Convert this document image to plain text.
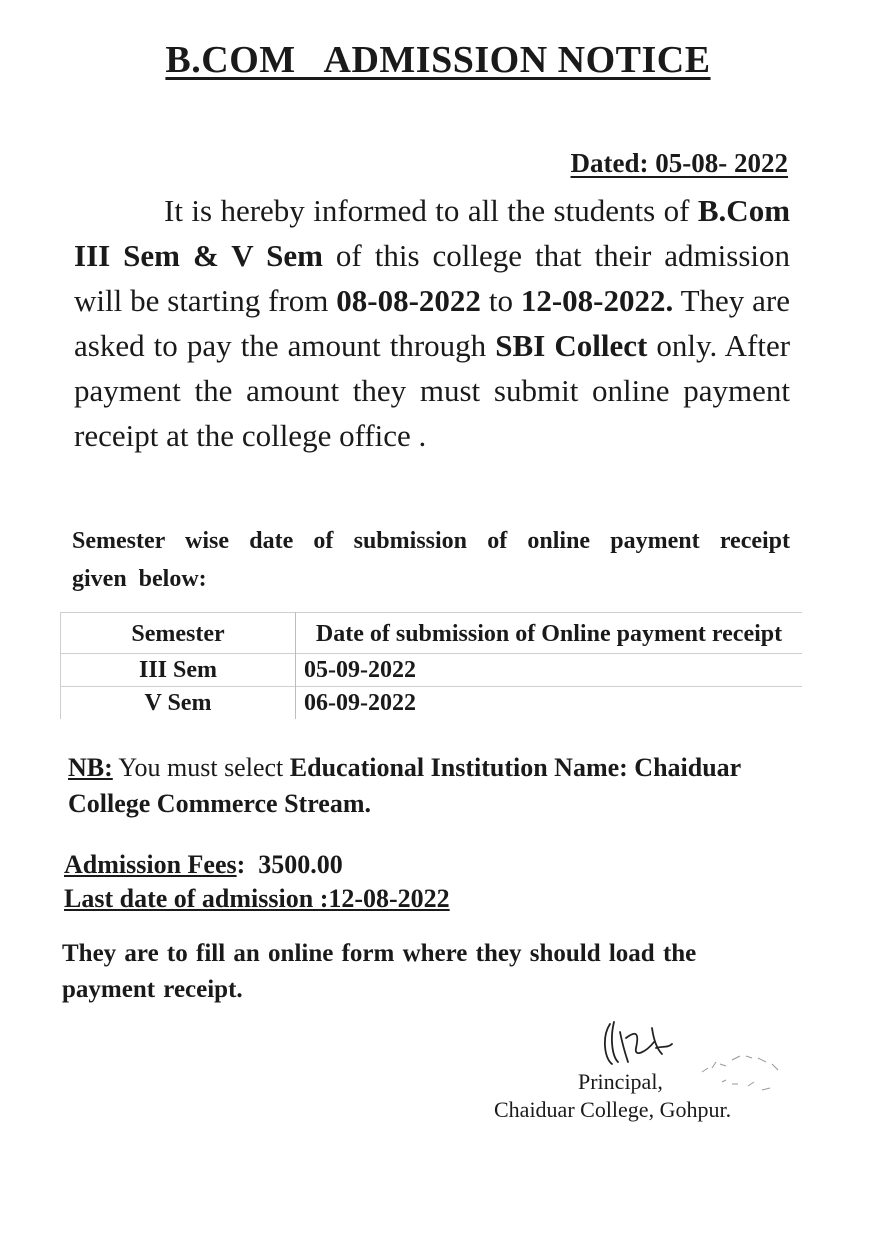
B.COM   ADMISSION NOTICE
Dated: 05-08- 2022

It is hereby informed to all the students of B.Com III Sem & V Sem of this college that their admission will be starting from 08-08-2022 to 12-08-2022. They are asked to pay the amount through SBI Collect only. After payment the amount they must submit online payment receipt at the college office .

Semester wise date of submission of online payment receipt given below:

Semester	Date of submission of Online payment receipt
III Sem	05-09-2022
V Sem	06-09-2022

NB: You must select Educational Institution Name: Chaiduar College Commerce Stream.

Admission Fees:  3500.00
Last date of admission :12-08-2022

They are to fill an online form where they should load the payment receipt.

Principal,
Chaiduar College, Gohpur.
